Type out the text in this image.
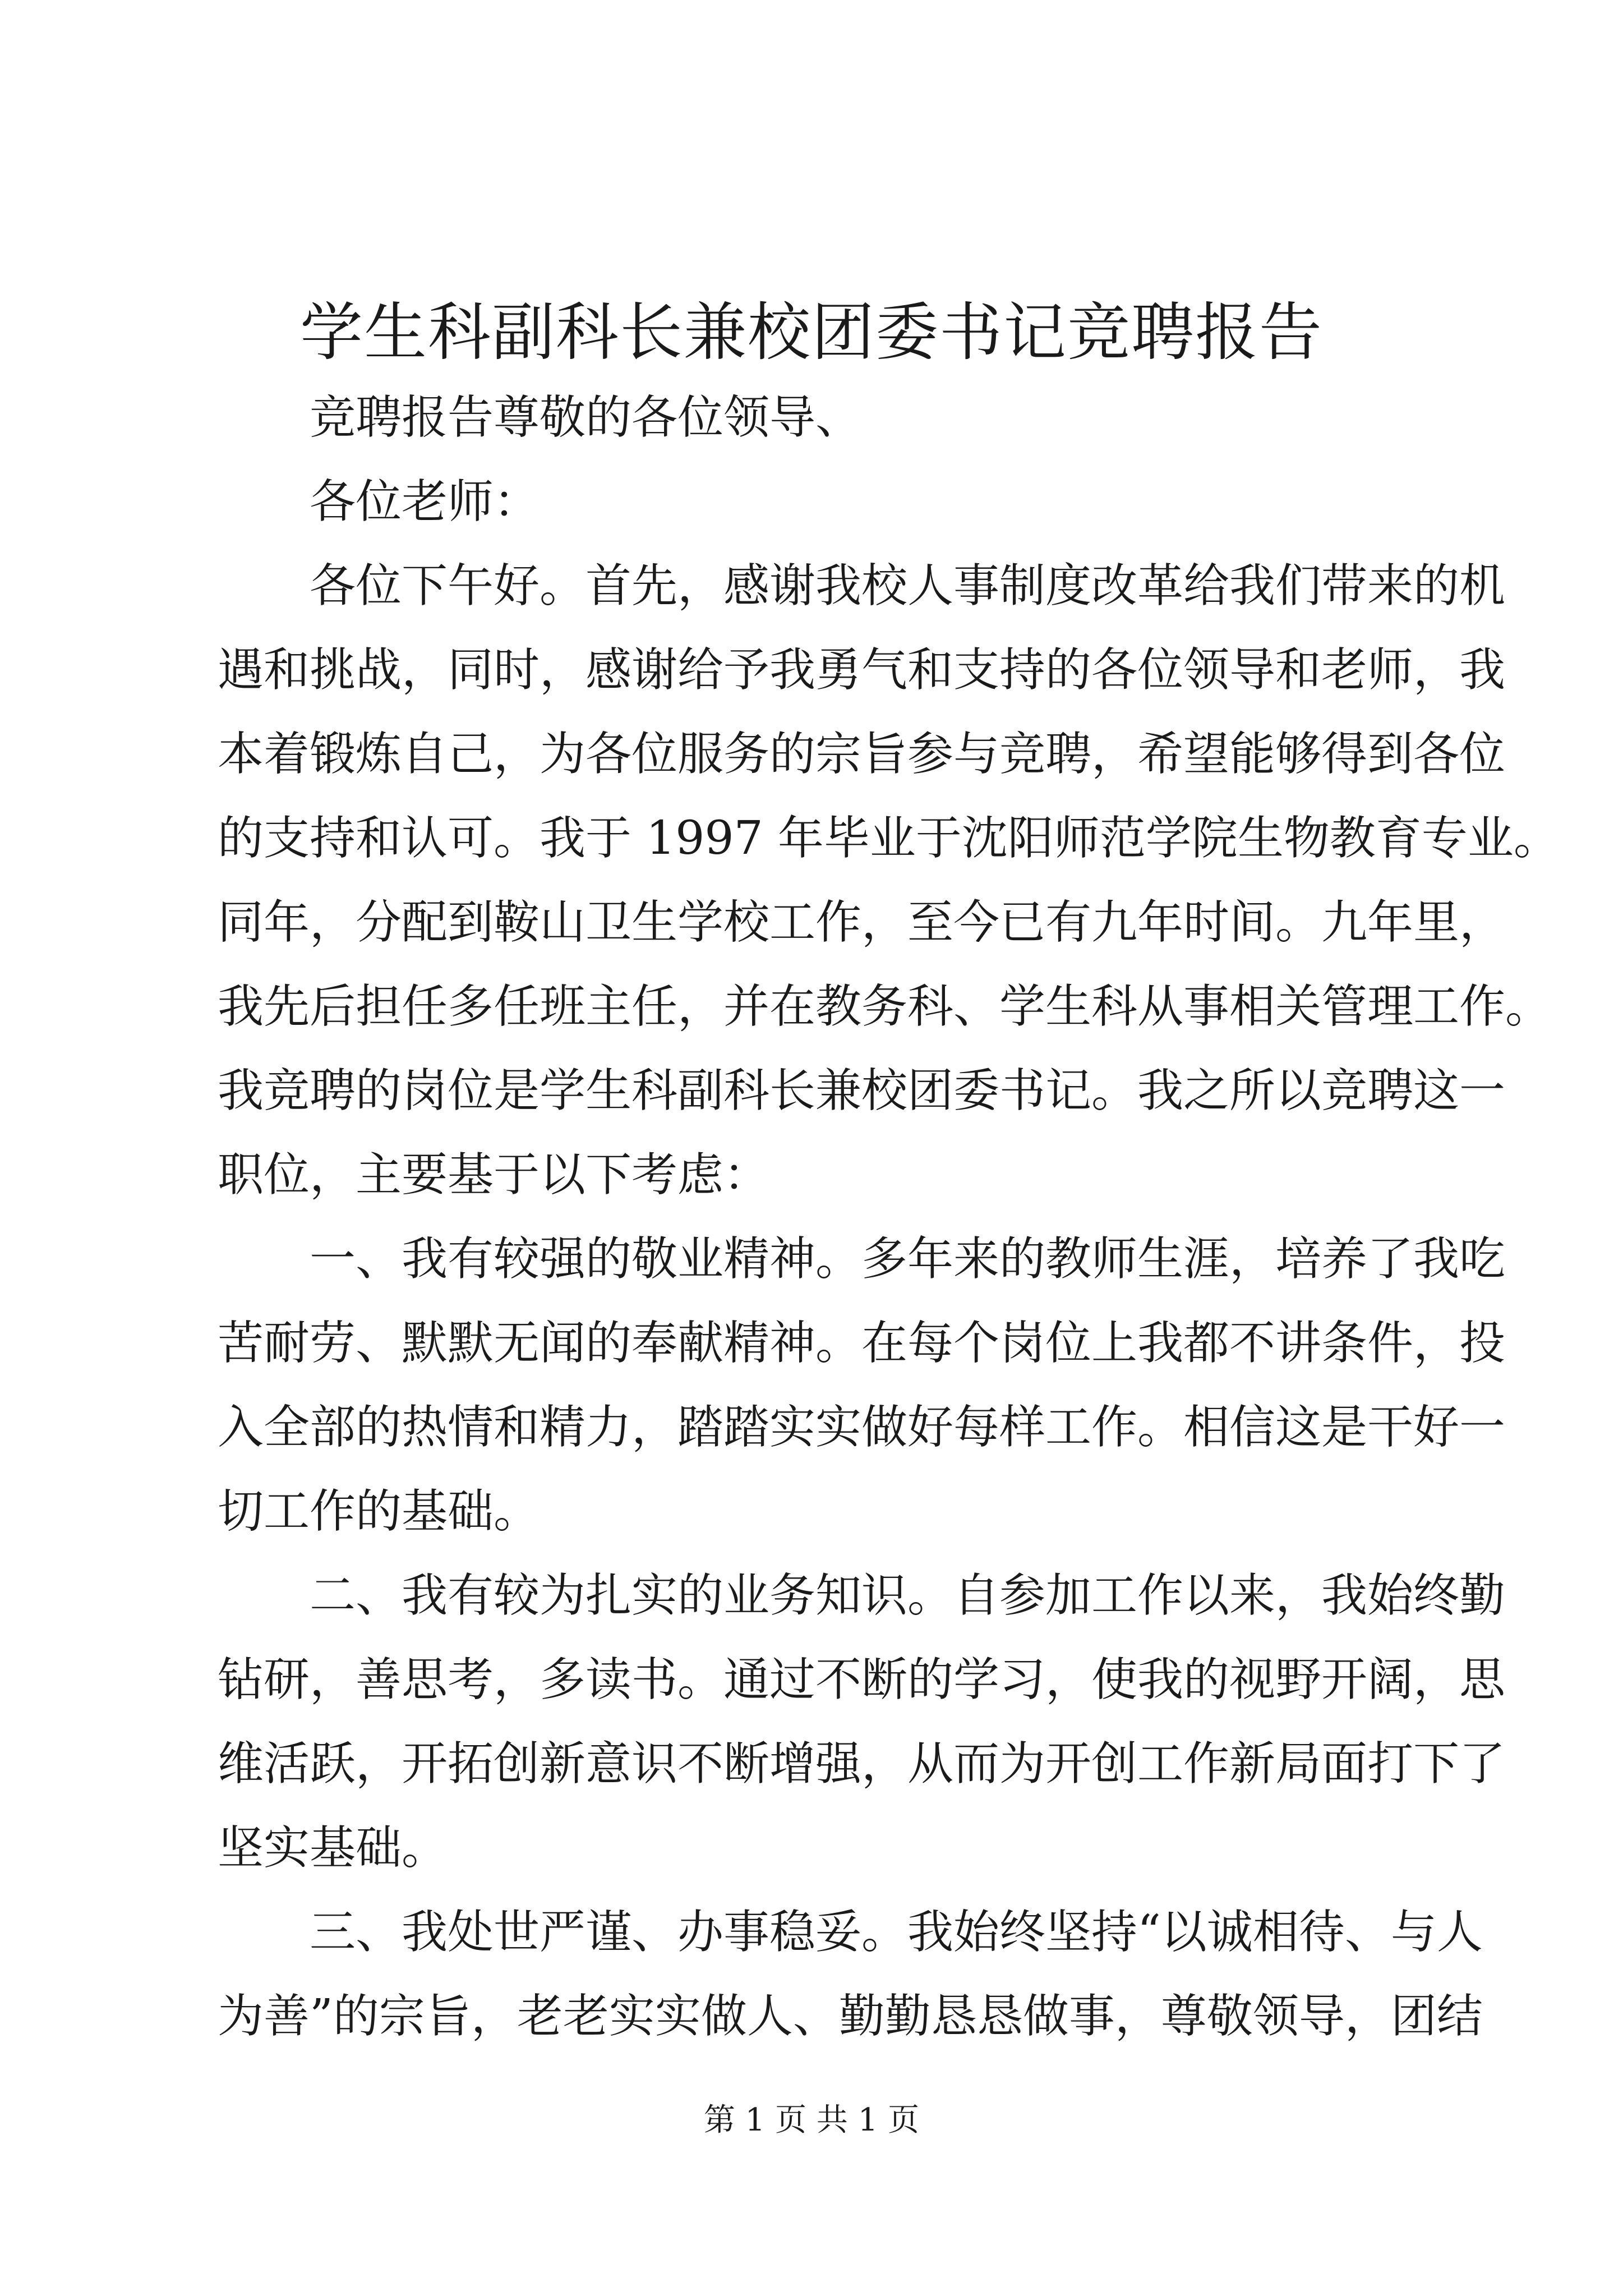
学生科副科长兼校团委书记竞聘报告
竞聘报告尊敬的各位领导、
各位老师：
各位下午好。首先，感谢我校人事制度改革给我们带来的机
遇和挑战，同时，感谢给予我勇气和支持的各位领导和老师，我
本着锻炼自己，为各位服务的宗旨参与竞聘，希望能够得到各位
的支持和认可。我于 1997 年毕业于沈阳师范学院生物教育专业。
同年，分配到鞍山卫生学校工作，至今已有九年时间。九年里，
我先后担任多任班主任，并在教务科、学生科从事相关管理工作。
我竞聘的岗位是学生科副科长兼校团委书记。我之所以竞聘这一
职位，主要基于以下考虑：
一、我有较强的敬业精神。多年来的教师生涯，培养了我吃
苦耐劳、默默无闻的奉献精神。在每个岗位上我都不讲条件，投
入全部的热情和精力，踏踏实实做好每样工作。相信这是干好一
切工作的基础。
二、我有较为扎实的业务知识。自参加工作以来，我始终勤
钻研，善思考，多读书。通过不断的学习，使我的视野开阔，思
维活跃，开拓创新意识不断增强，从而为开创工作新局面打下了
坚实基础。
三、我处世严谨、办事稳妥。我始终坚持“以诚相待、与人
为善”的宗旨，老老实实做人、勤勤恳恳做事，尊敬领导，团结
第 1 页 共 1 页
